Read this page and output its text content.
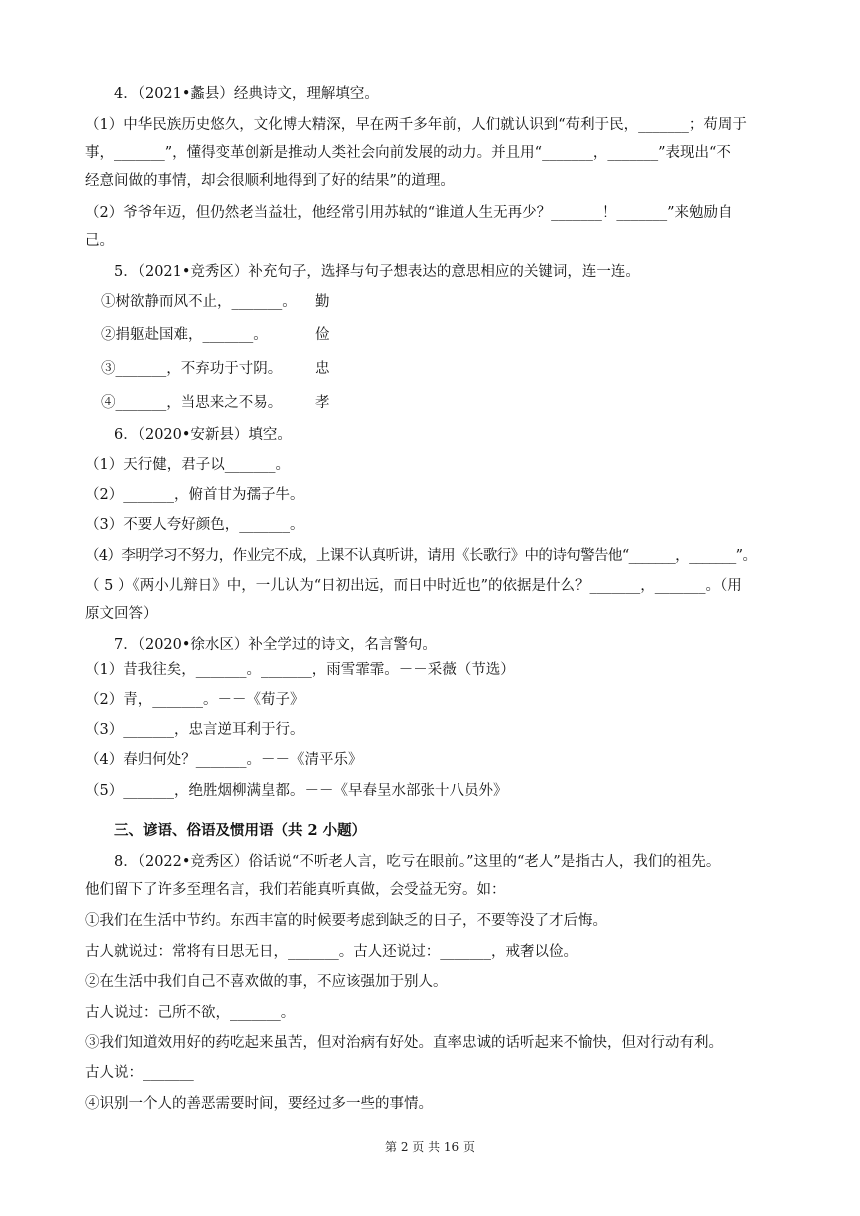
4．（2021•蠡县）经典诗文，理解填空。
（1）中华民族历史悠久，文化博大精深，早在两千多年前，人们就认识到“苟利于民，_______；苟周于
事，_______”，懂得变革创新是推动人类社会向前发展的动力。并且用“_______，_______”表现出“不
经意间做的事情，却会很顺利地得到了好的结果”的道理。
（2）爷爷年迈，但仍然老当益壮，他经常引用苏轼的“谁道人生无再少？_______！_______”来勉励自
己。
5．（2021•竞秀区）补充句子，选择与句子想表达的意思相应的关键词，连一连。
①树欲静而风不止，_______。 勤
②捐躯赴国难，_______。	俭
③_______，不弃功于寸阴。	忠
④_______，当思来之不易。	孝
6．（2020•安新县）填空。
（1）天行健，君子以_______。
（2）_______，俯首甘为孺子牛。
（3）不要人夸好颜色，_______。
（4）李明学习不努力，作业完不成，上课不认真听讲，请用《长歌行》中的诗句警告他“_______，_______”。
（ 5 ）《两小儿辩日》中，一儿认为“日初出远，而日中时近也”的依据是什么？_______，_______。（用
原文回答）
7．（2020•徐水区）补全学过的诗文，名言警句。
（1）昔我往矣，_______。_______，雨雪霏霏。－－采薇（节选）
（2）青，_______。－－《荀子》
（3）_______，忠言逆耳利于行。
（4）春归何处？_______。－－《清平乐》
（5）_______，绝胜烟柳满皇都。－－《早春呈水部张十八员外》
三、谚语、俗语及惯用语（共 2 小题）
8．（2022•竞秀区）俗话说“不听老人言，吃亏在眼前。”这里的“老人”是指古人，我们的祖先。
他们留下了许多至理名言，我们若能真听真做，会受益无穷。如：
①我们在生活中节约。东西丰富的时候要考虑到缺乏的日子，不要等没了才后悔。
古人就说过：常将有日思无日，_______。古人还说过：_______，戒奢以俭。
②在生活中我们自己不喜欢做的事，不应该强加于别人。
古人说过：己所不欲，_______。
③我们知道效用好的药吃起来虽苦，但对治病有好处。直率忠诚的话听起来不愉快，但对行动有利。
古人说：_______
④识别一个人的善恶需要时间，要经过多一些的事情。
第 2 页 共 16 页
